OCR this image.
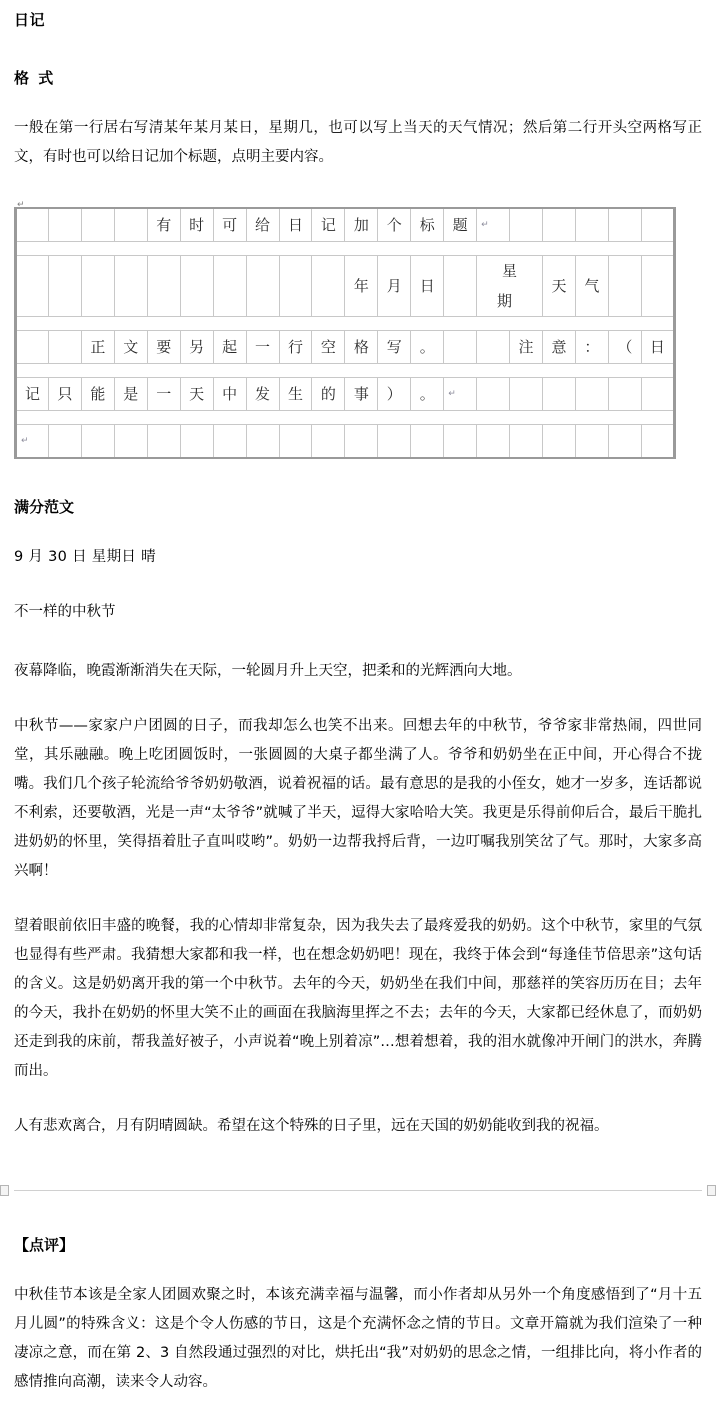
日记
格 式

一般在第一行居右写清某年某月某日，星期几，也可以写上当天的天气情况；然后第二行开头空两格写正文，有时也可以给日记加个标题，点明主要内容。

↵
				有	时	可	给	日	记	加	个	标	题	↵					

										年	月	日		星 期		天	气		

		正	文	要	另	起	一	行	空	格	写	。			注	意	：	（	日

记	只	能	是	一	天	中	发	生	的	事	）	。	↵						

↵																			
满分范文

9 月 30 日 星期日 晴

不一样的中秋节

夜幕降临，晚霞渐渐消失在天际，一轮圆月升上天空，把柔和的光辉洒向大地。

中秋节——家家户户团圆的日子，而我却怎么也笑不出来。回想去年的中秋节，爷爷家非常热闹，四世同堂，其乐融融。晚上吃团圆饭时，一张圆圆的大桌子都坐满了人。爷爷和奶奶坐在正中间，开心得合不拢嘴。我们几个孩子轮流给爷爷奶奶敬酒，说着祝福的话。最有意思的是我的小侄女，她才一岁多，连话都说不利索，还要敬酒，光是一声“太爷爷”就喊了半天，逗得大家哈哈大笑。我更是乐得前仰后合，最后干脆扎进奶奶的怀里，笑得捂着肚子直叫哎哟”。奶奶一边帮我捋后背，一边叮嘱我别笑岔了气。那时，大家多高兴啊！

望着眼前依旧丰盛的晚餐，我的心情却非常复杂，因为我失去了最疼爱我的奶奶。这个中秋节，家里的气氛也显得有些严肃。我猜想大家都和我一样，也在想念奶奶吧！现在，我终于体会到“每逢佳节倍思亲”这句话的含义。这是奶奶离开我的第一个中秋节。去年的今天，奶奶坐在我们中间，那慈祥的笑容历历在目；去年的今天，我扑在奶奶的怀里大笑不止的画面在我脑海里挥之不去；去年的今天，大家都已经休息了，而奶奶还走到我的床前，帮我盖好被子，小声说着“晚上别着凉”…想着想着，我的泪水就像冲开闸门的洪水，奔腾而出。

人有悲欢离合，月有阴晴圆缺。希望在这个特殊的日子里，远在天国的奶奶能收到我的祝福。

【点评】

中秋佳节本该是全家人团圆欢聚之时，本该充满幸福与温馨，而小作者却从另外一个角度感悟到了“月十五月儿圆”的特殊含义：这是个令人伤感的节日，这是个充满怀念之情的节日。文章开篇就为我们渲染了一种凄凉之意，而在第 2、3 自然段通过强烈的对比，烘托出“我”对奶奶的思念之情，一组排比向，将小作者的感情推向高潮，读来令人动容。
